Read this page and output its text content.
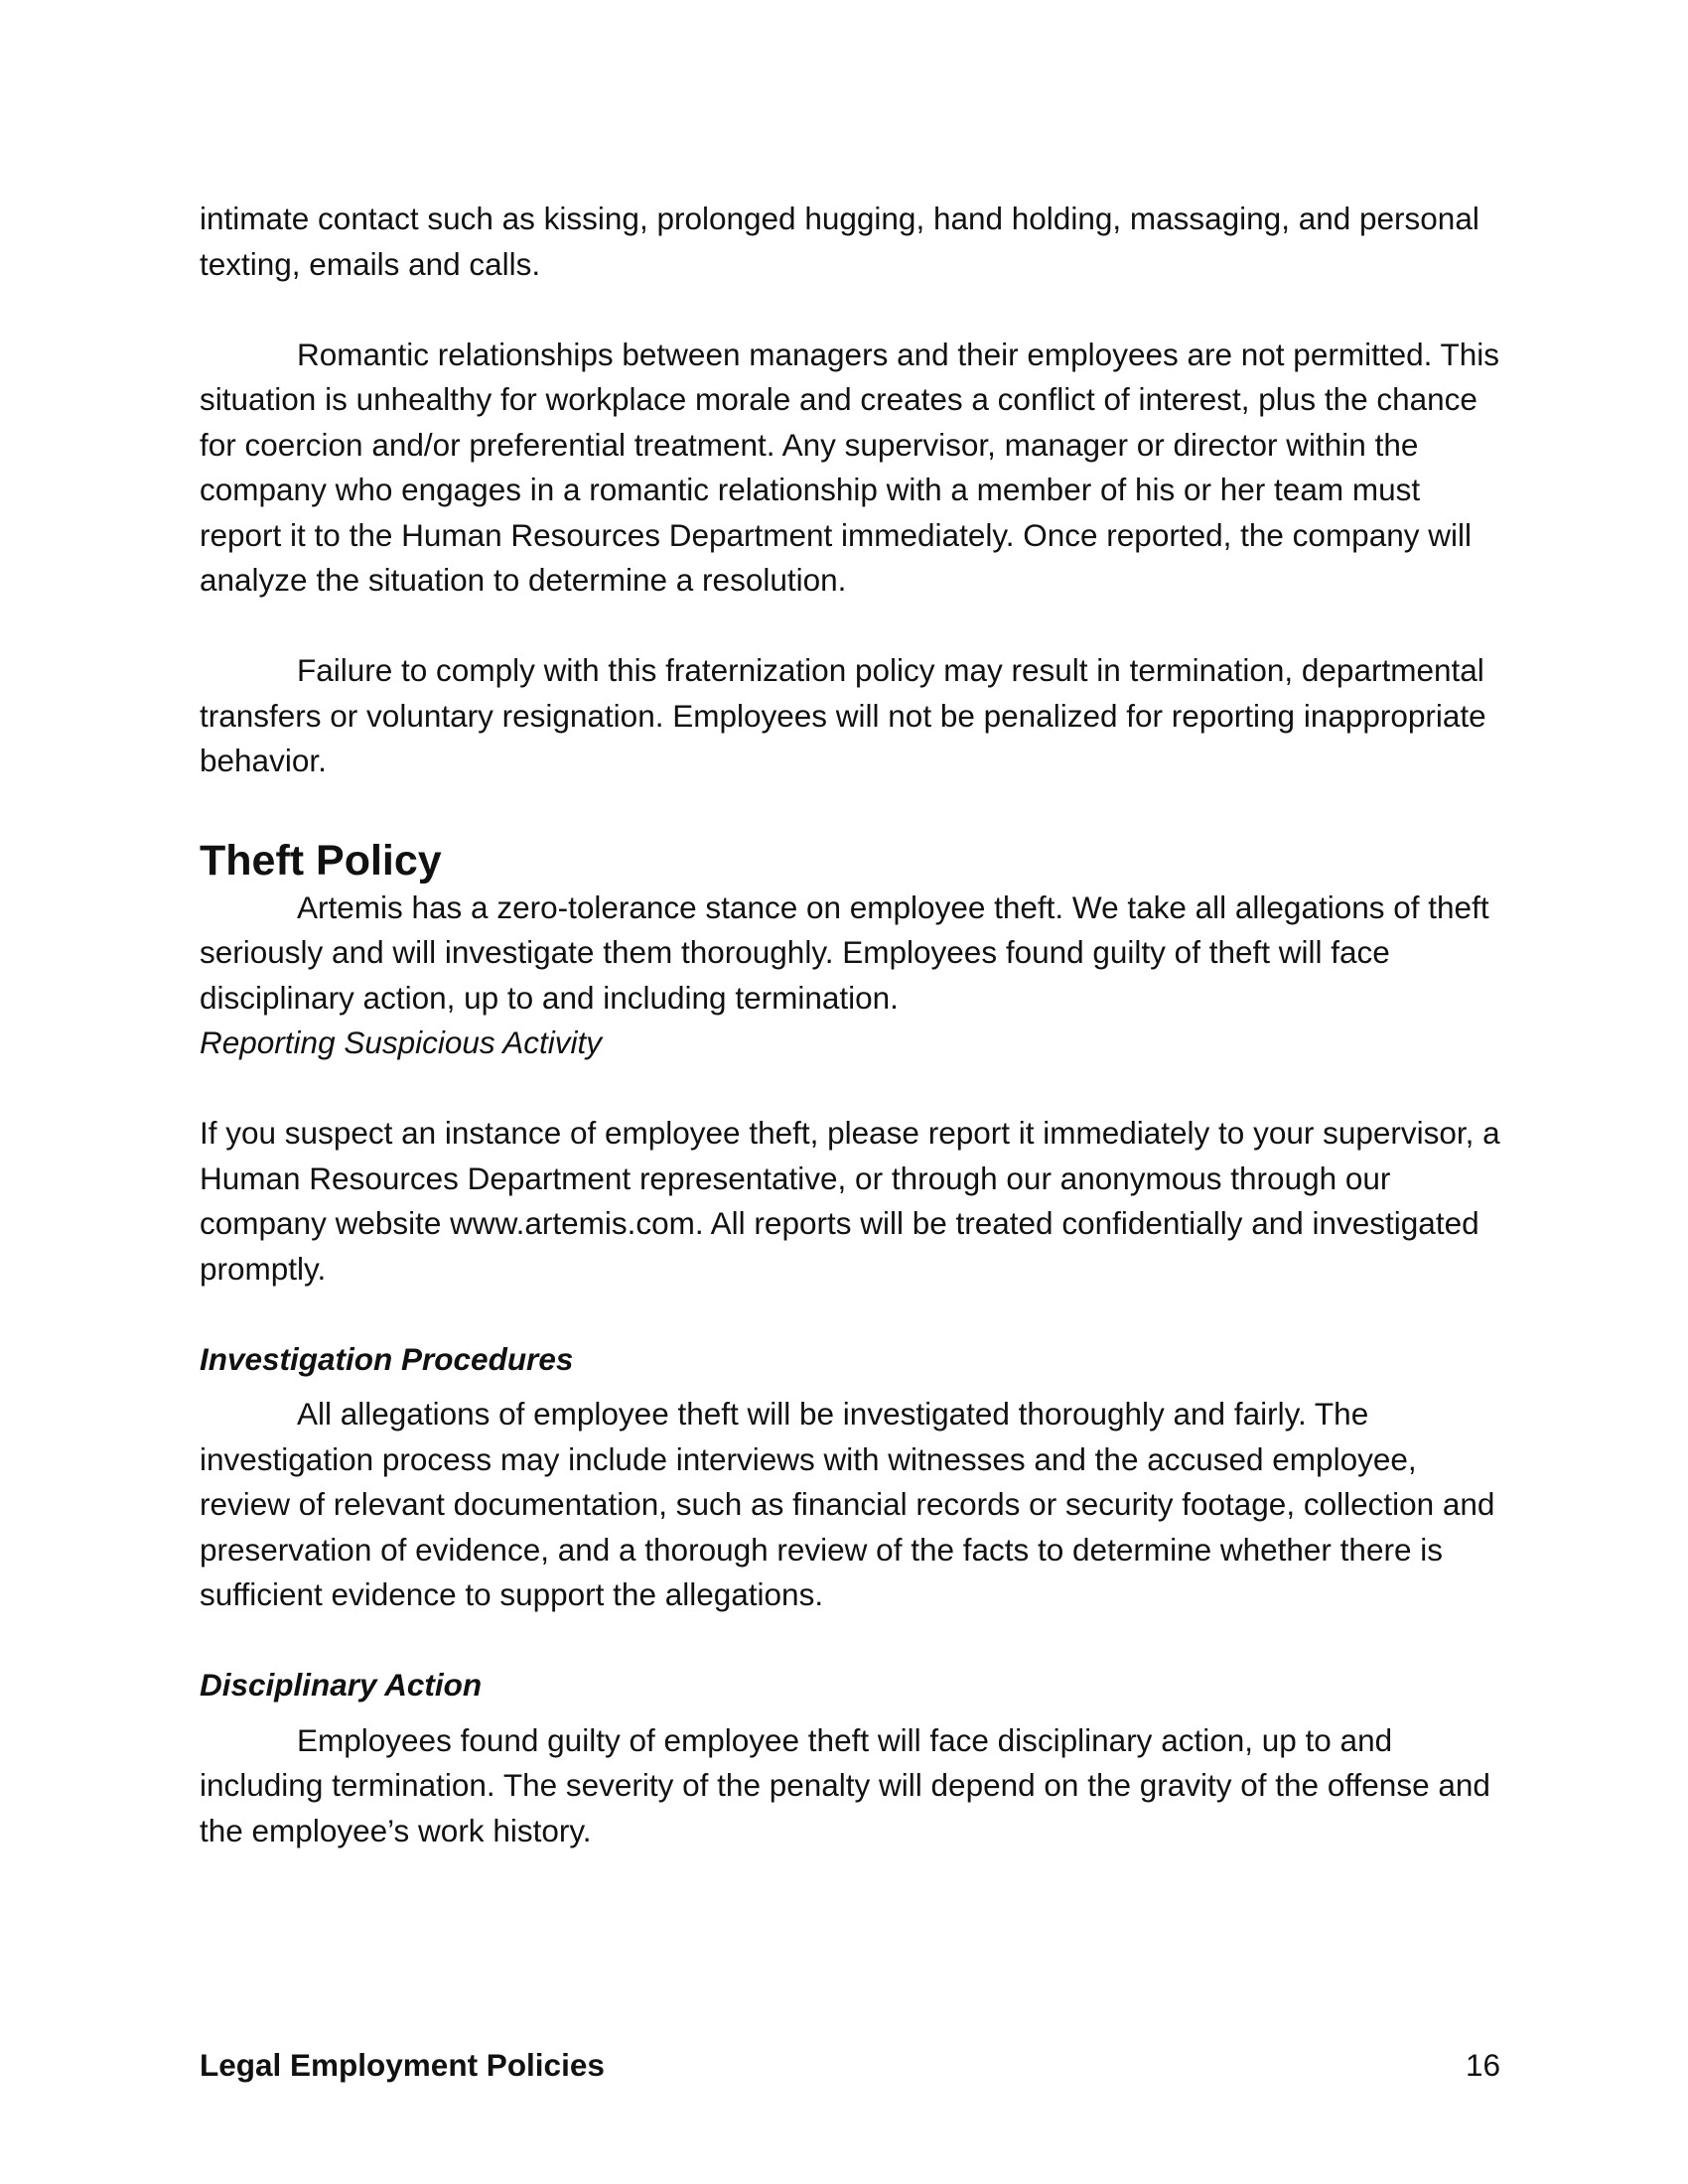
intimate contact such as kissing, prolonged hugging, hand holding, massaging, and personal texting, emails and calls.

Romantic relationships between managers and their employees are not permitted. This situation is unhealthy for workplace morale and creates a conflict of interest, plus the chance for coercion and/or preferential treatment. Any supervisor, manager or director within the company who engages in a romantic relationship with a member of his or her team must report it to the Human Resources Department immediately. Once reported, the company will analyze the situation to determine a resolution.

Failure to comply with this fraternization policy may result in termination, departmental transfers or voluntary resignation. Employees will not be penalized for reporting inappropriate behavior.

Theft Policy

Artemis has a zero-tolerance stance on employee theft. We take all allegations of theft seriously and will investigate them thoroughly. Employees found guilty of theft will face disciplinary action, up to and including termination.

Reporting Suspicious Activity

If you suspect an instance of employee theft, please report it immediately to your supervisor, a Human Resources Department representative, or through our anonymous through our company website www.artemis.com. All reports will be treated confidentially and investigated promptly.

Investigation Procedures

All allegations of employee theft will be investigated thoroughly and fairly. The investigation process may include interviews with witnesses and the accused employee, review of relevant documentation, such as financial records or security footage, collection and preservation of evidence, and a thorough review of the facts to determine whether there is sufficient evidence to support the allegations.

Disciplinary Action

Employees found guilty of employee theft will face disciplinary action, up to and including termination. The severity of the penalty will depend on the gravity of the offense and the employee’s work history.

Legal Employment Policies	16
